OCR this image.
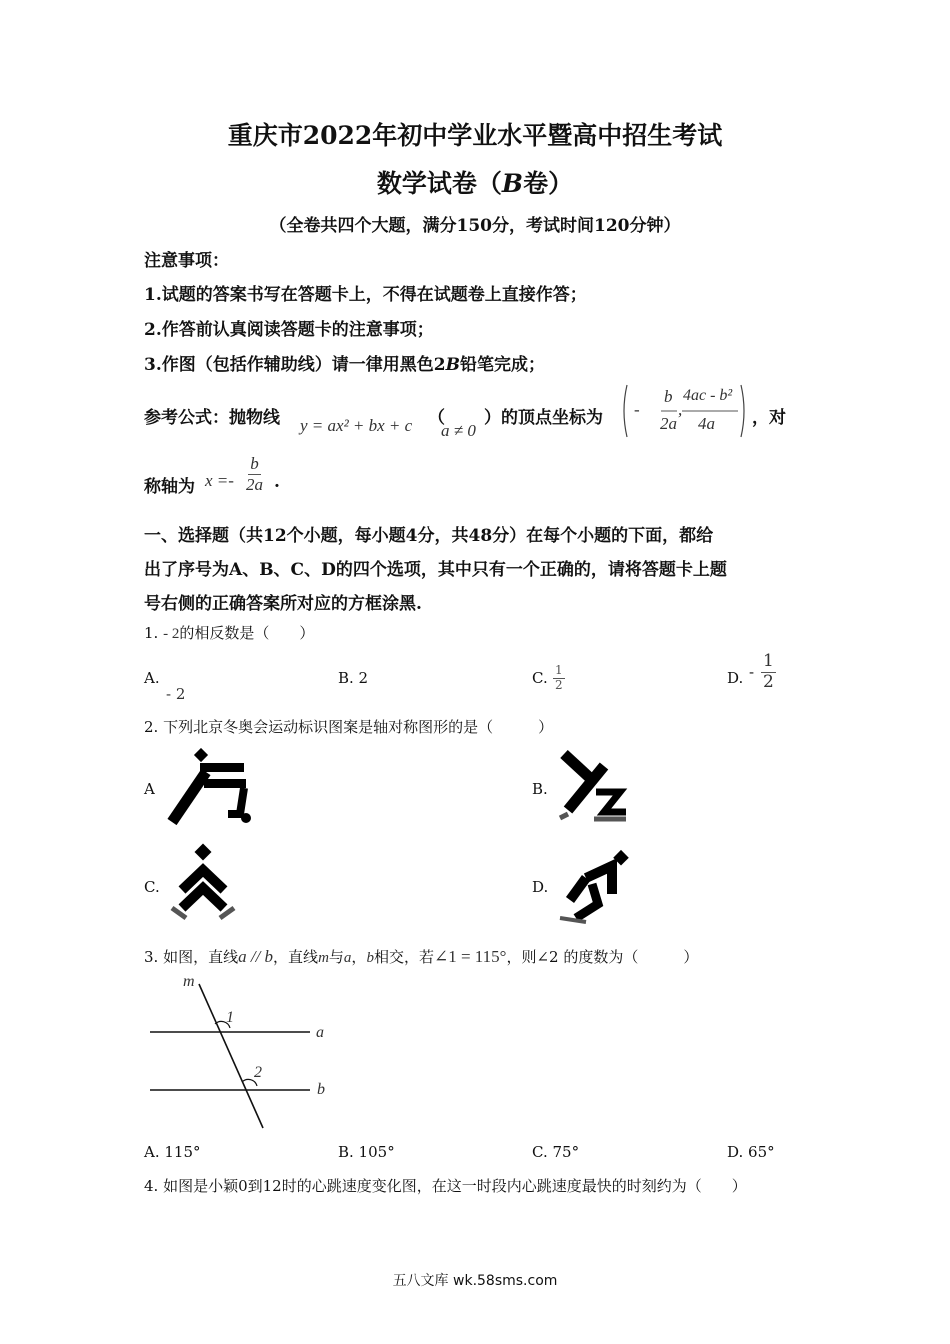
重庆市2022年初中学业水平暨高中招生考试
数学试卷（B卷）
（全卷共四个大题，满分150分，考试时间120分钟）
注意事项：
1.试题的答案书写在答题卡上，不得在试题卷上直接作答；
2.作答前认真阅读答题卡的注意事项；
3.作图（包括作辅助线）请一律用黑色2B铅笔完成；
参考公式：抛物线 y = ax² + bx + c （
a ≠ 0
）的顶点坐标为 -
b
2a
,
4ac - b²
4a ，对
称轴为 $x =- \frac{b}{2a}$ .
一、选择题（共12个小题，每小题4分，共48分）在每个小题的下面，都给
出了序号为A、B、C、D的四个选项，其中只有一个正确的，请将答题卡上题
号右侧的正确答案所对应的方框涂黑.
1. - 2的相反数是（　　）
A.
- 2
B. 2	C. $\frac{1}{2}$	D. - $\frac{1}{2}$
2. 下列北京冬奥会运动标识图案是轴对称图形的是（　　　）
A	B.
C.	D.
3. 如图，直线a // b，直线m与a，b相交，若∠1 = 115°，则∠2 的度数为（　　　）
m
1
2
a
b
A. 115°	B. 105°	C. 75°	D. 65°
4. 如图是小颖0到12时的心跳速度变化图，在这一时段内心跳速度最快的时刻约为（　　）
五八文库 wk.58sms.com
